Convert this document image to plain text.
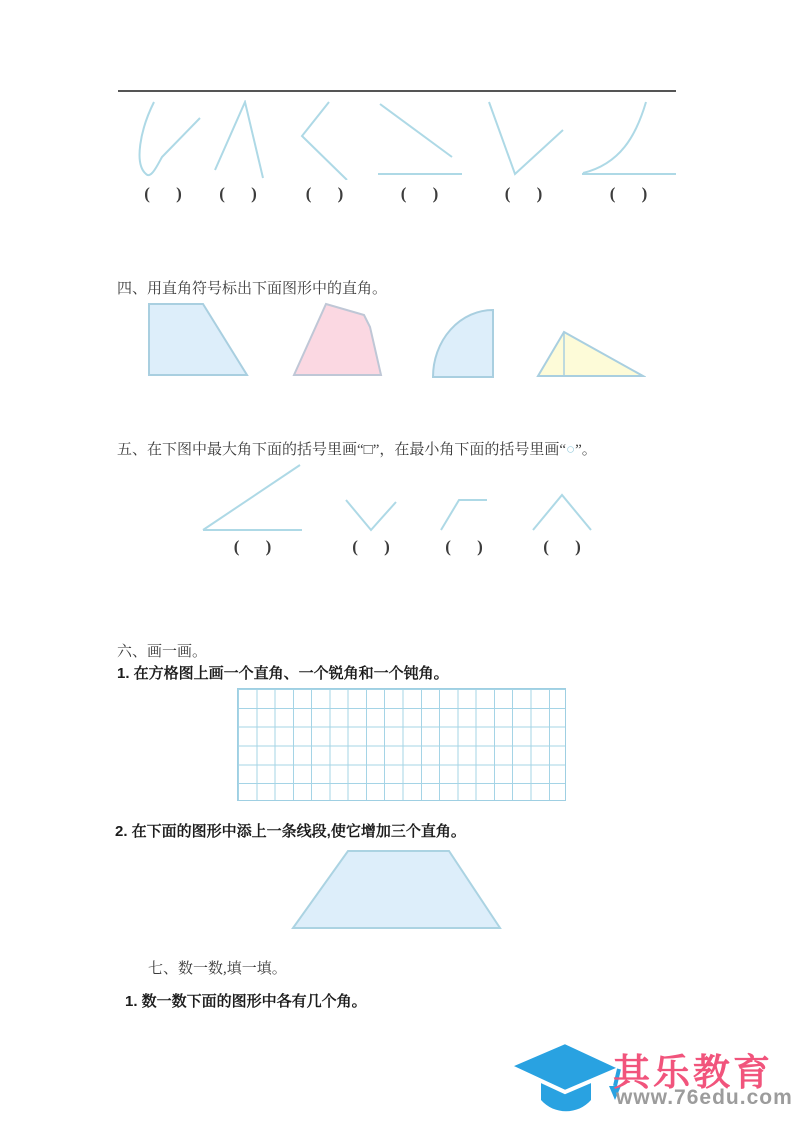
( )	( )	( )	( )	( )	( )
四、用直角符号标出下面图形中的直角。
五、在下图中最大角下面的括号里画“□”，在最小角下面的括号里画“○”。
( )	( )	( )	( )
六、画一画。
1. 在方格图上画一个直角、一个锐角和一个钝角。
2. 在下面的图形中添上一条线段,使它增加三个直角。
七、数一数,填一填。
1. 数一数下面的图形中各有几个角。
其乐教育
www.76edu.com
